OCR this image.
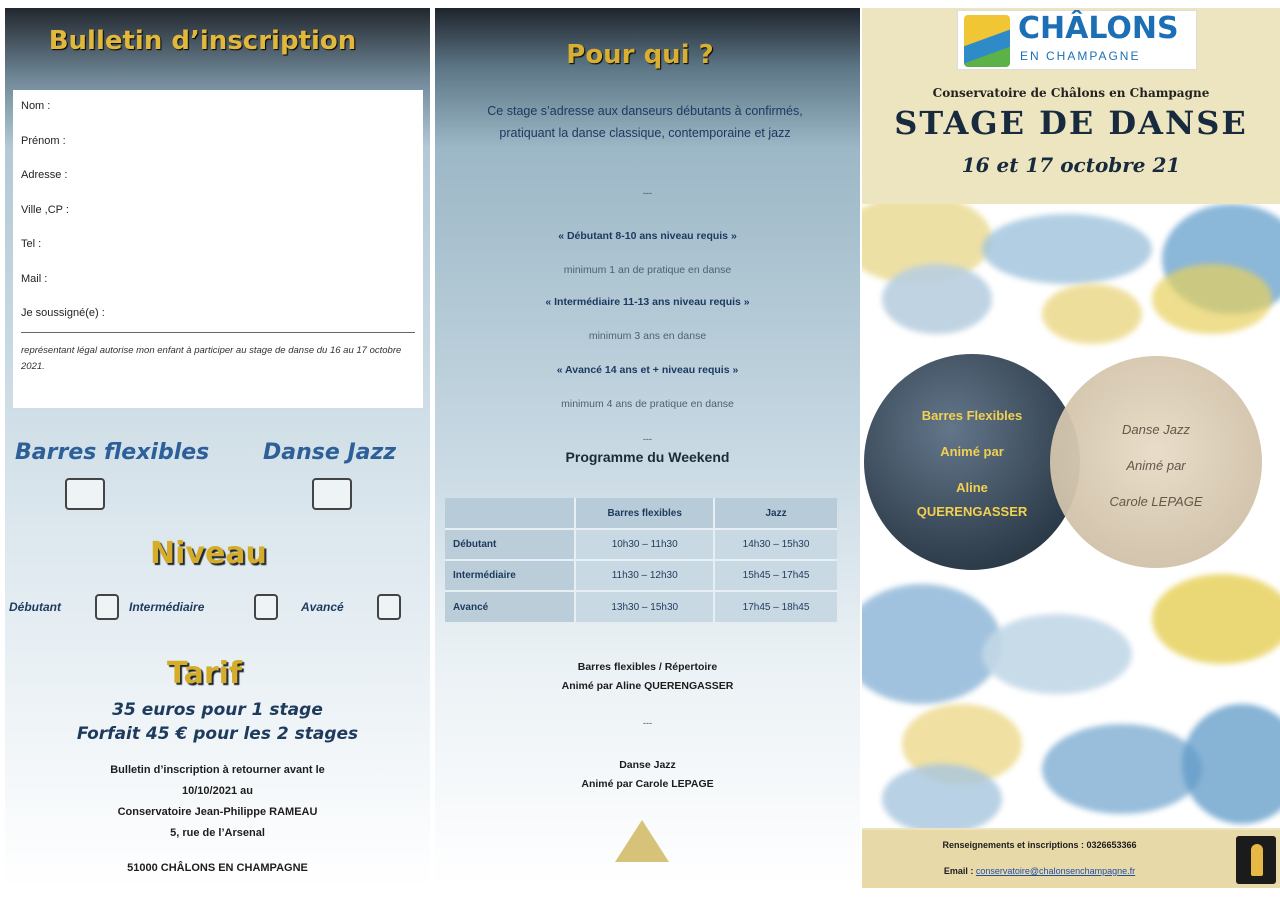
Bulletin d’inscription
Nom :
Prénom :
Adresse :
Ville ,CP :
Tel :
Mail :
Je soussigné(e) :
représentant légal autorise mon enfant à participer au stage de danse du 16 au 17 octobre 2021.
Barres flexibles Danse Jazz
Niveau
Débutant	Intermédiaire	Avancé
Tarif
35 euros pour 1 stage
Forfait 45 € pour les 2 stages
Bulletin d’inscription à retourner avant le
10/10/2021 au
Conservatoire Jean-Philippe RAMEAU
5, rue de l’Arsenal
51000 CHÂLONS EN CHAMPAGNE
Pour qui ?
Ce stage s’adresse aux danseurs débutants à confirmés, pratiquant la danse classique, contemporaine et jazz
---
« Débutant 8-10 ans niveau requis »
minimum 1 an de pratique en danse
« Intermédiaire 11-13 ans niveau requis »
minimum 3 ans en danse
« Avancé 14 ans et + niveau requis »
minimum 4 ans de pratique en danse
---
Programme du Weekend
	Barres flexibles	Jazz
Débutant	10h30 – 11h30	14h30 – 15h30
Intermédiaire	11h30 – 12h30	15h45 – 17h45
Avancé	13h30 – 15h30	17h45 – 18h45
Barres flexibles / Répertoire
Animé par Aline QUERENGASSER
---
Danse Jazz
Animé par Carole LEPAGE
CHÂLONS
EN CHAMPAGNE
Conservatoire de Châlons en Champagne
STAGE DE DANSE
16 et 17 octobre 21
Barres Flexibles
Animé par
Aline
QUERENGASSER
Danse Jazz
Animé par
Carole LEPAGE
Renseignements et inscriptions : 0326653366
Email : conservatoire@chalonsenchampagne.fr
